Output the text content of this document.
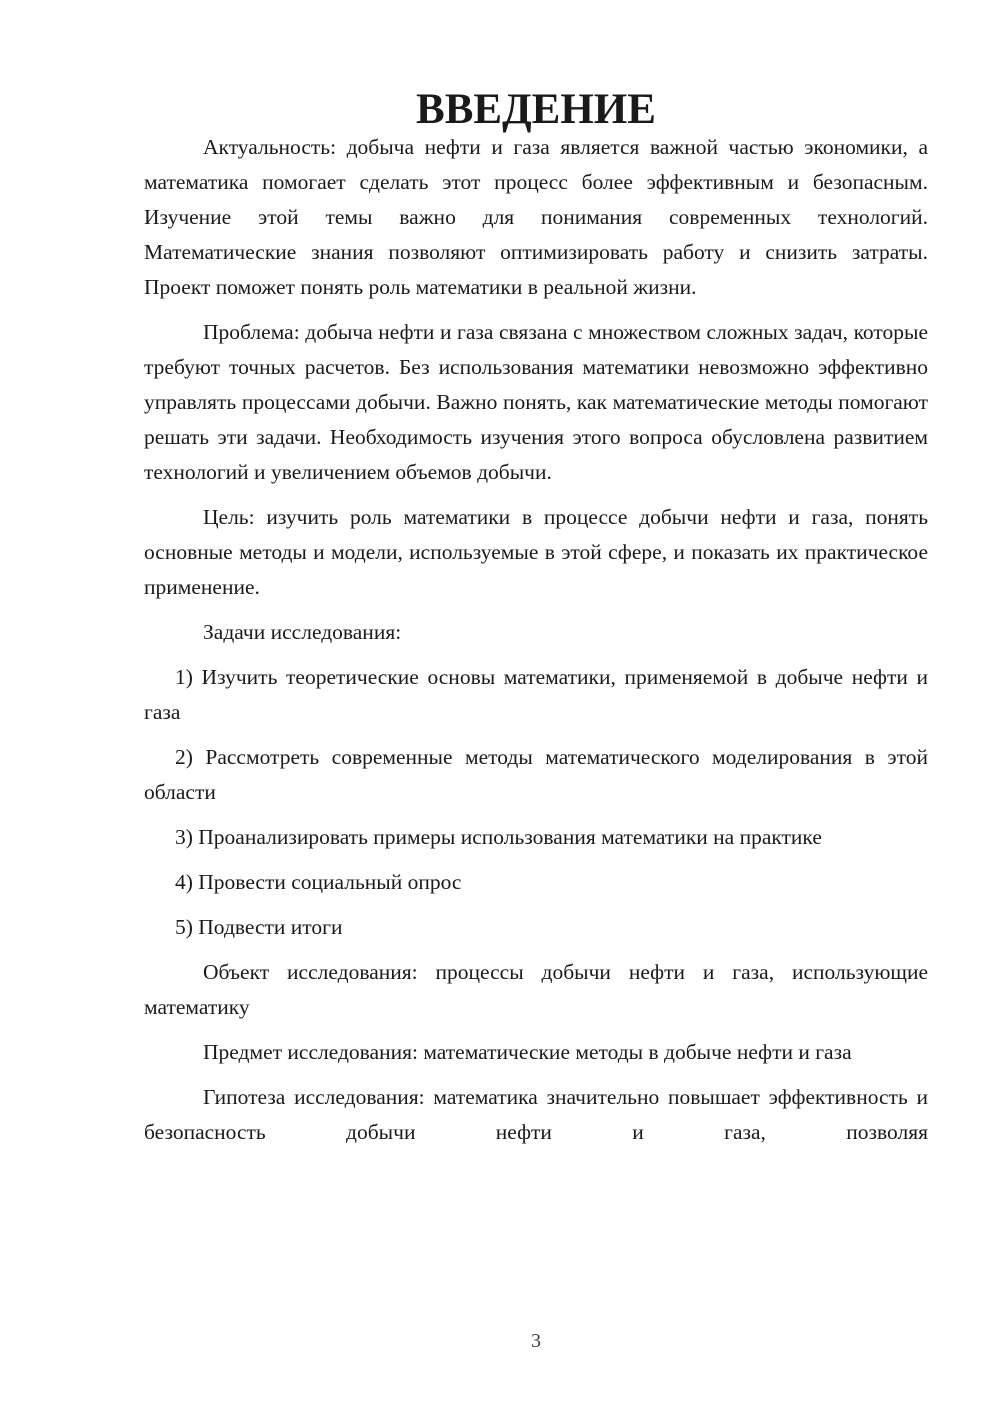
ВВЕДЕНИЕ

Актуальность: добыча нефти и газа является важной частью экономики, а математика помогает сделать этот процесс более эффективным и безопасным. Изучение этой темы важно для понимания современных технологий. Математические знания позволяют оптимизировать работу и снизить затраты. Проект поможет понять роль математики в реальной жизни.

Проблема: добыча нефти и газа связана с множеством сложных задач, которые требуют точных расчетов. Без использования математики невозможно эффективно управлять процессами добычи. Важно понять, как математические методы помогают решать эти задачи. Необходимость изучения этого вопроса обусловлена развитием технологий и увеличением объемов добычи.

Цель: изучить роль математики в процессе добычи нефти и газа, понять основные методы и модели, используемые в этой сфере, и показать их практическое применение.

Задачи исследования:

1) Изучить теоретические основы математики, применяемой в добыче нефти и газа

2) Рассмотреть современные методы математического моделирования в этой области

3) Проанализировать примеры использования математики на практике

4) Провести социальный опрос

5) Подвести итоги

Объект исследования: процессы добычи нефти и газа, использующие математику

Предмет исследования: математические методы в добыче нефти и газа

Гипотеза исследования: математика значительно повышает эффективность и безопасность добычи нефти и газа, позволяя

3
